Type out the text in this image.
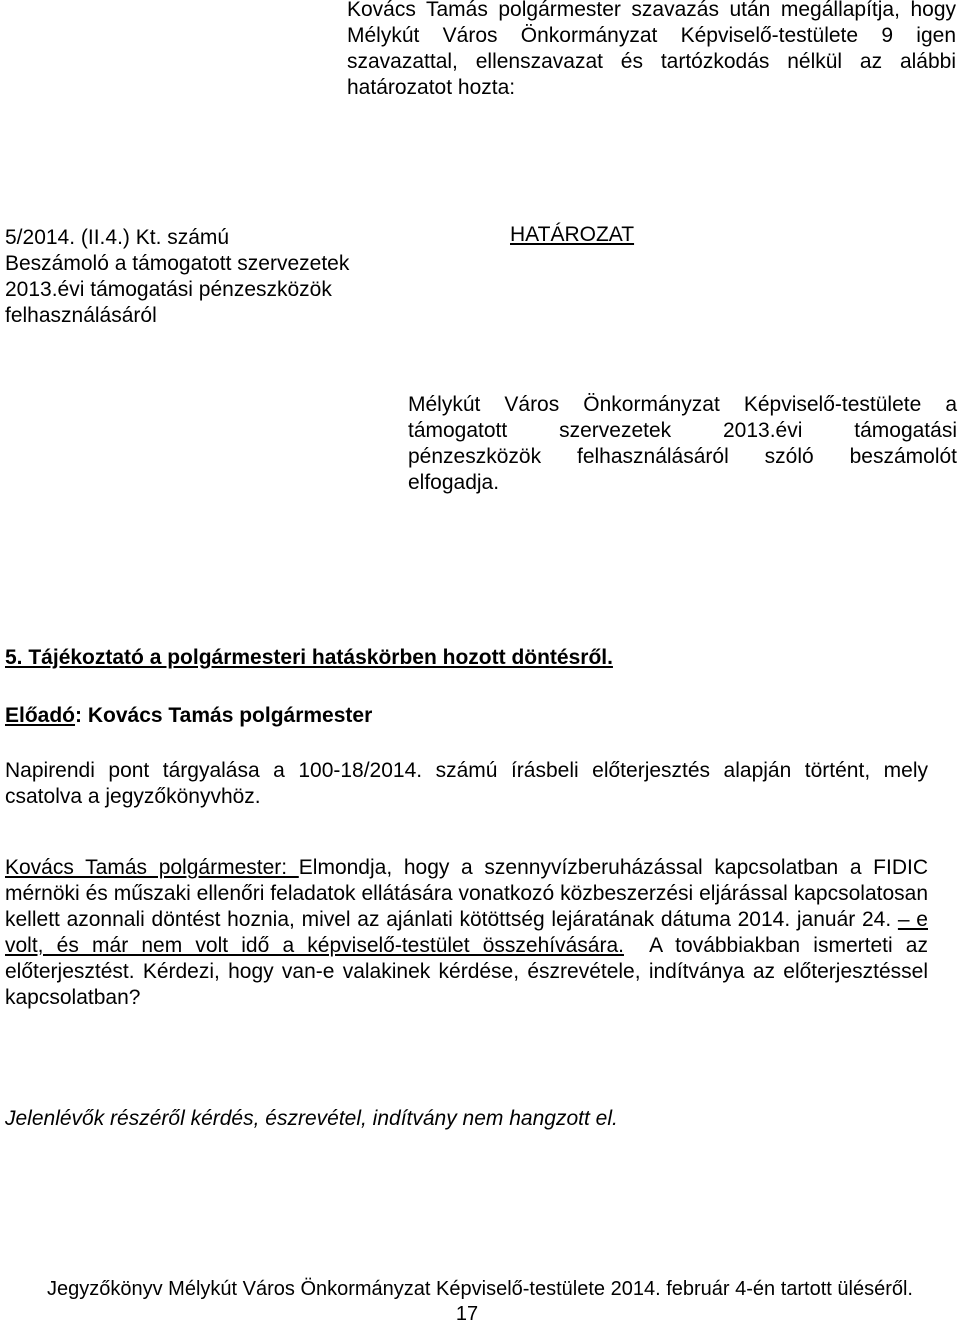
Kovács Tamás polgármester szavazás után megállapítja, hogy Mélykút Város Önkormányzat Képviselő-testülete 9 igen szavazattal, ellenszavazat és tartózkodás nélkül az alábbi határozatot hozta:

5/2014. (II.4.) Kt. számú
Beszámoló a támogatott szervezetek
2013.évi támogatási pénzeszközök
felhasználásáról
HATÁROZAT

Mélykút Város Önkormányzat Képviselő-testülete a támogatott szervezetek 2013.évi támogatási pénzeszközök felhasználásáról szóló beszámolót elfogadja.

5. Tájékoztató a polgármesteri hatáskörben hozott döntésről.
Előadó: Kovács Tamás polgármester

Napirendi pont tárgyalása a 100-18/2014. számú írásbeli előterjesztés alapján történt, mely csatolva a jegyzőkönyvhöz.

Kovács Tamás polgármester: Elmondja, hogy a szennyvízberuházással kapcsolatban a FIDIC mérnöki és műszaki ellenőri feladatok ellátására vonatkozó közbeszerzési eljárással kapcsolatosan kellett azonnali döntést hoznia, mivel az ajánlati kötöttség lejáratának dátuma 2014. január 24. – e volt, és már nem volt idő a képviselő-testület összehívására.  A továbbiakban ismerteti az előterjesztést. Kérdezi, hogy van-e valakinek kérdése, észrevétele, indítványa az előterjesztéssel kapcsolatban?

Jelenlévők részéről kérdés, észrevétel, indítvány nem hangzott el.

Jegyzőkönyv Mélykút Város Önkormányzat Képviselő-testülete 2014. február 4-én tartott üléséről.
17
